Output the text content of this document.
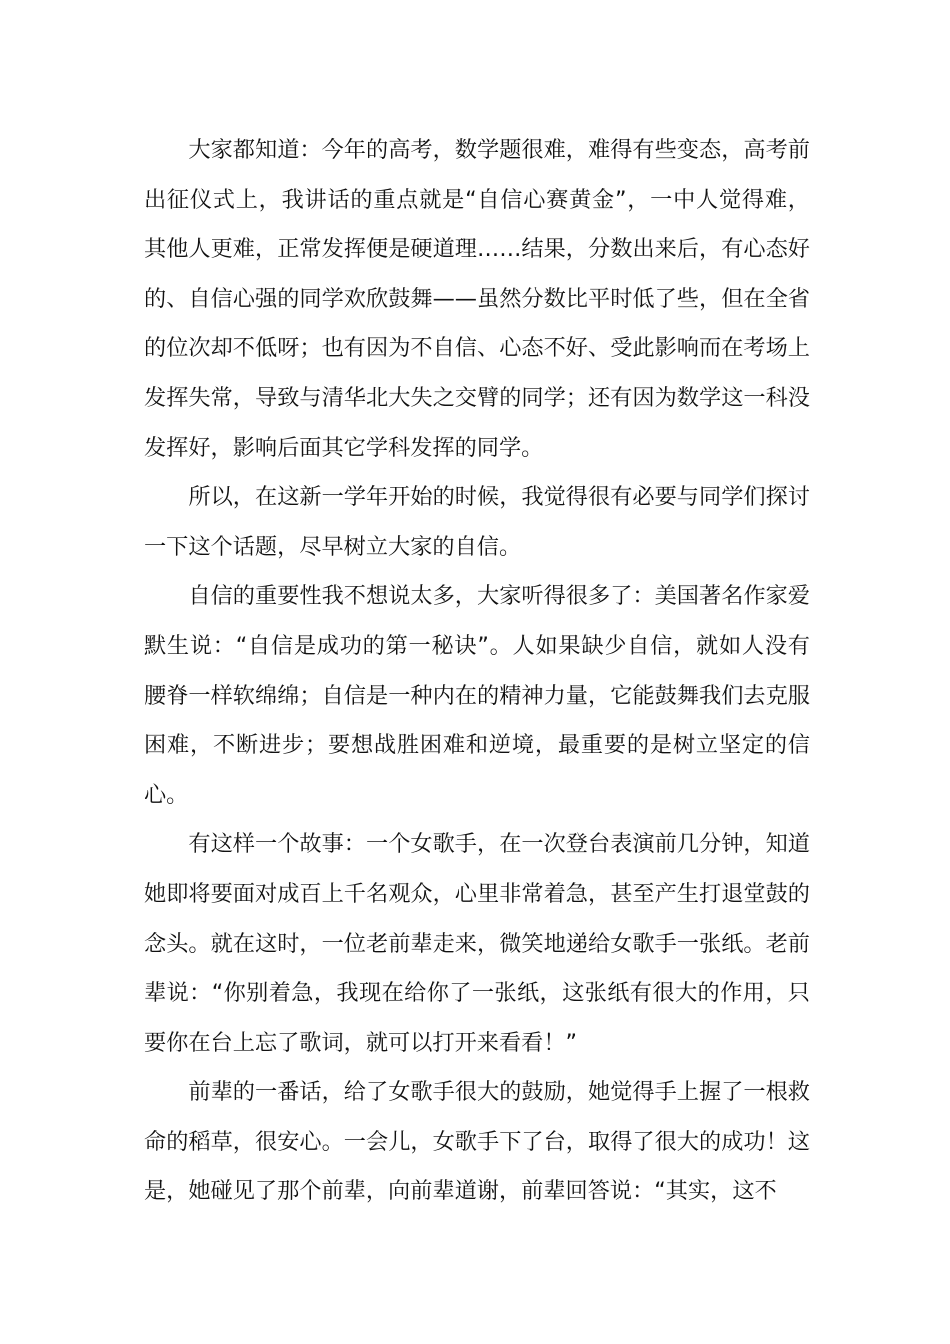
大家都知道：今年的高考，数学题很难，难得有些变态，高考前出征仪式上，我讲话的重点就是“自信心赛黄金”，一中人觉得难，其他人更难，正常发挥便是硬道理……结果，分数出来后，有心态好的、自信心强的同学欢欣鼓舞——虽然分数比平时低了些，但在全省的位次却不低呀；也有因为不自信、心态不好、受此影响而在考场上发挥失常，导致与清华北大失之交臂的同学；还有因为数学这一科没发挥好，影响后面其它学科发挥的同学。

所以，在这新一学年开始的时候，我觉得很有必要与同学们探讨一下这个话题，尽早树立大家的自信。

自信的重要性我不想说太多，大家听得很多了：美国著名作家爱默生说：“自信是成功的第一秘诀”。人如果缺少自信，就如人没有腰脊一样软绵绵；自信是一种内在的精神力量，它能鼓舞我们去克服困难，不断进步；要想战胜困难和逆境，最重要的是树立坚定的信心。

有这样一个故事：一个女歌手，在一次登台表演前几分钟，知道她即将要面对成百上千名观众，心里非常着急，甚至产生打退堂鼓的念头。就在这时，一位老前辈走来，微笑地递给女歌手一张纸。老前辈说：“你别着急，我现在给你了一张纸，这张纸有很大的作用，只要你在台上忘了歌词，就可以打开来看看！”

前辈的一番话，给了女歌手很大的鼓励，她觉得手上握了一根救命的稻草，很安心。一会儿，女歌手下了台，取得了很大的成功！这是，她碰见了那个前辈，向前辈道谢，前辈回答说：“其实，这不
